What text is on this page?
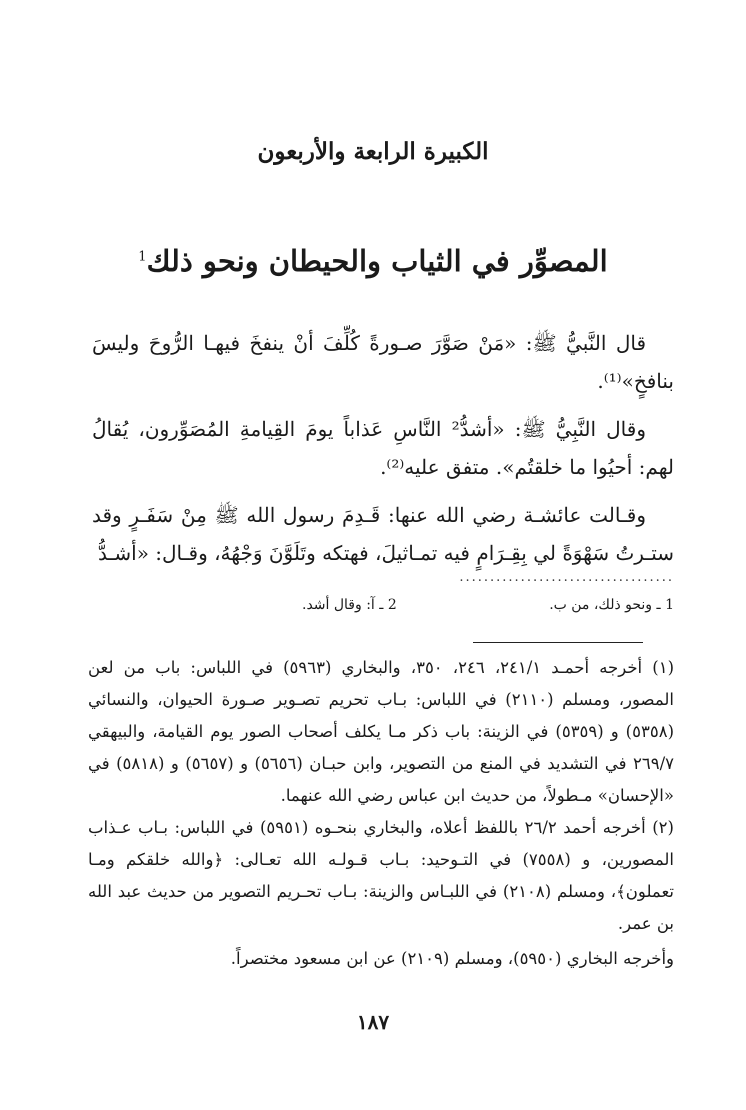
الكبيرة الرابعة والأربعون
المصوِّر في الثياب والحيطان ونحو ذلك$^1$
قال النَّبيُّ ﷺ: «مَنْ صَوَّرَ صـورةً كُلِّفَ أنْ ينفخَ فيهـا الرُّوحَ وليسَ بنافخٍ»⁽¹⁾.
وقال النَّبِيُّ ﷺ: «أشدُّ² النَّاسِ عَذاباً يومَ القِيامةِ المُصَوِّرون، يُقالُ لهم: أحيُوا ما خلقتُم». متفق عليه⁽²⁾.
وقـالت عائشـة رضي الله عنها: قَـدِمَ رسول الله ﷺ مِنْ سَفَـرٍ وقد ستـرتُ سَهْوَةً لي بِقِـرَامٍ فيه تمـاثيلَ، فهتكه وتَلَوَّنَ وَجْهُهُ، وقـال: «أشـدُّ
...................................
1 ـ ونحو ذلك، من ب.
2 ـ آ: وقال أشد.
(١) أخرجه أحمـد ٢٤١/١، ٢٤٦، ٣٥٠، والبخاري (٥٩٦٣) في اللباس: باب من لعن المصور، ومسلم (٢١١٠) في اللباس: بـاب تحريم تصـوير صـورة الحيوان، والنسائي (٥٣٥٨) و (٥٣٥٩) في الزينة: باب ذكر مـا يكلف أصحاب الصور يوم القيامة، والبيهقي ٢٦٩/٧ في التشديد في المنع من التصوير، وابن حبـان (٥٦٥٦) و (٥٦٥٧) و (٥٨١٨) في «الإحسان» مـطولاً، من حديث ابن عباس رضي الله عنهما.
(٢) أخرجه أحمد ٢٦/٢ باللفظ أعلاه، والبخاري بنحـوه (٥٩٥١) في اللباس: بـاب عـذاب المصورين، و (٧٥٥٨) في التـوحيد: بـاب قـولـه الله تعـالى: ﴿والله خلقكم ومـا تعملون﴾، ومسلم (٢١٠٨) في اللبـاس والزينة: بـاب تحـريم التصوير من حديث عبد الله بن عمر.
وأخرجه البخاري (٥٩٥٠)، ومسلم (٢١٠٩) عن ابن مسعود مختصراً.
١٨٧
